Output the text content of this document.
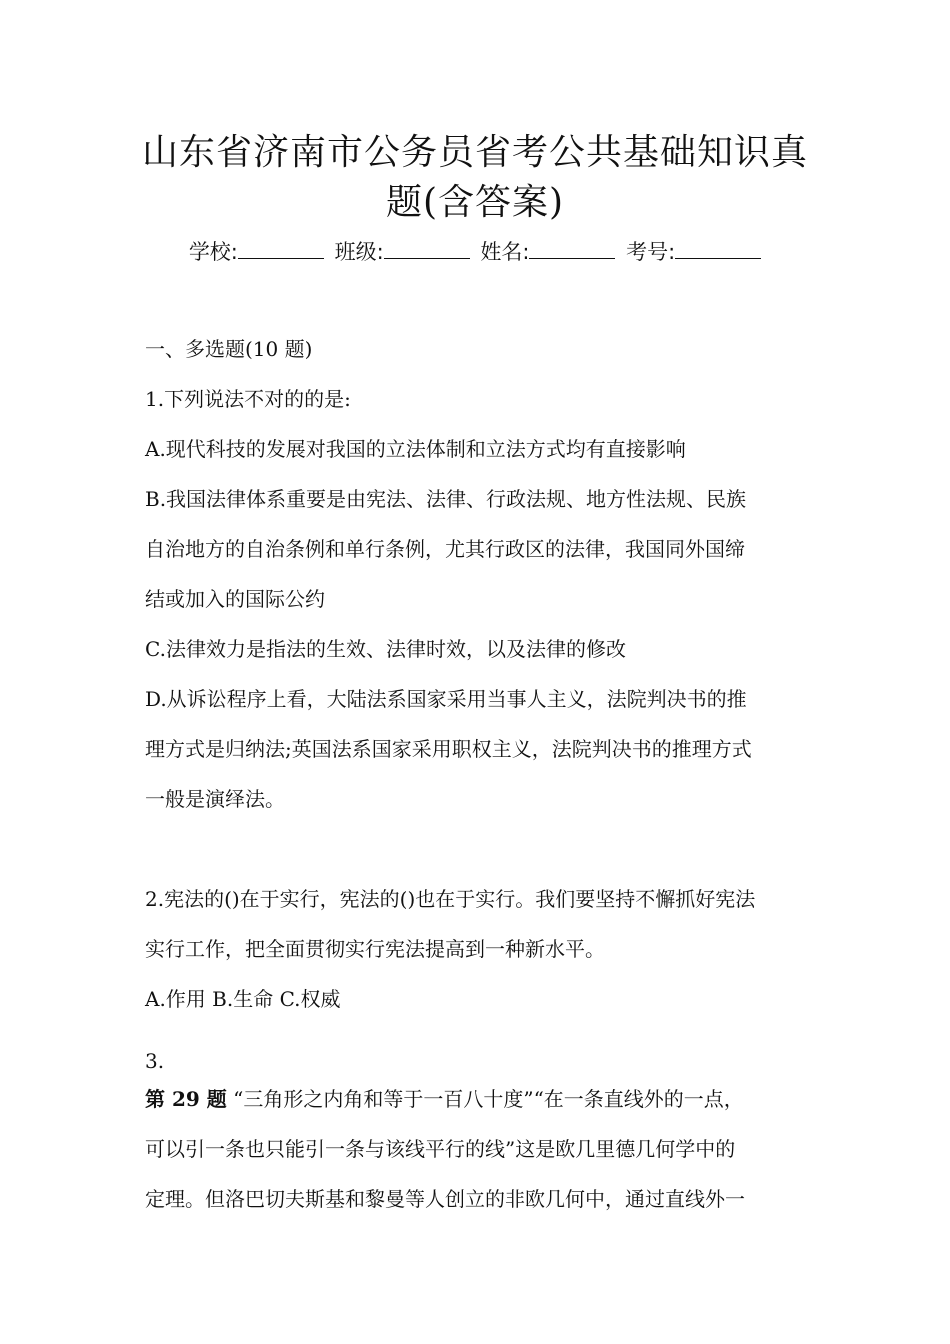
山东省济南市公务员省考公共基础知识真
题(含答案)
学校:	班级:	姓名:	考号:
一、多选题(10 题)
1.下列说法不对的的是:
A.现代科技的发展对我国的立法体制和立法方式均有直接影响
B.我国法律体系重要是由宪法、法律、行政法规、地方性法规、民族
自治地方的自治条例和单行条例，尤其行政区的法律，我国同外国缔
结或加入的国际公约
C.法律效力是指法的生效、法律时效，以及法律的修改
D.从诉讼程序上看，大陆法系国家采用当事人主义，法院判决书的推
理方式是归纳法;英国法系国家采用职权主义，法院判决书的推理方式
一般是演绎法。
2.宪法的()在于实行，宪法的()也在于实行。我们要坚持不懈抓好宪法
实行工作，把全面贯彻实行宪法提高到一种新水平。
A.作用 B.生命 C.权威
3.
第 29 题 “三角形之内角和等于一百八十度”“在一条直线外的一点，
可以引一条也只能引一条与该线平行的线”这是欧几里德几何学中的
定理。但洛巴切夫斯基和黎曼等人创立的非欧几何中，通过直线外一
